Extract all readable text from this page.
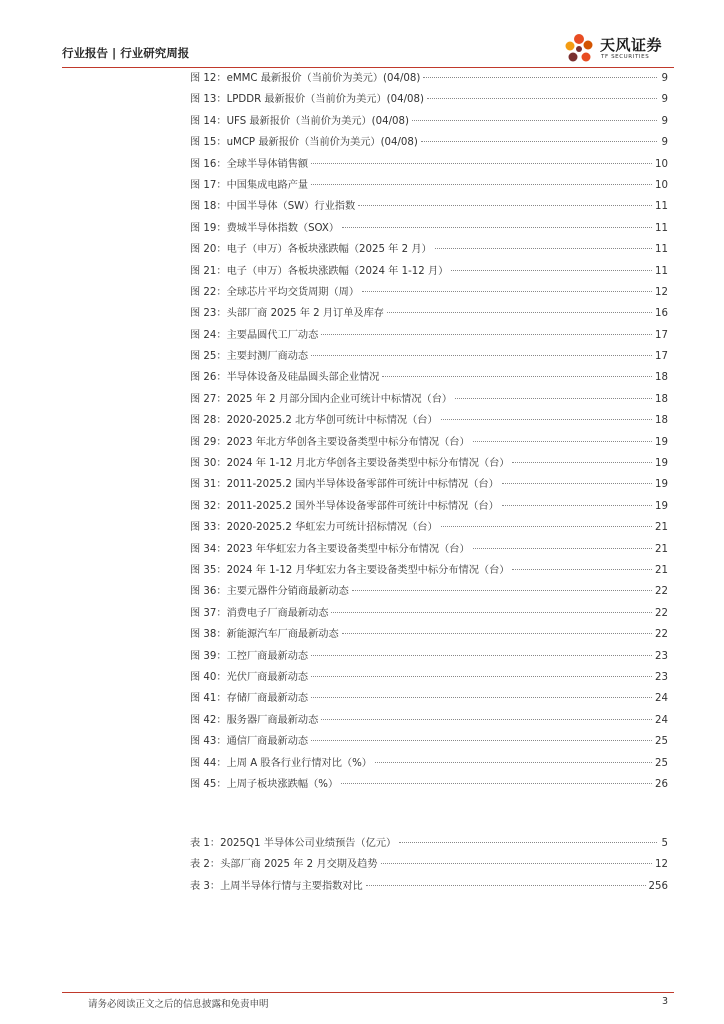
行业报告 | 行业研究周报	天风证券
TF SECURITIES
图 12：eMMC 最新报价（当前价为美元）(04/08)	9
图 13：LPDDR 最新报价（当前价为美元）(04/08)	9
图 14：UFS 最新报价（当前价为美元）(04/08)	9
图 15：uMCP 最新报价（当前价为美元）(04/08)	9
图 16：全球半导体销售额	10
图 17：中国集成电路产量	10
图 18：中国半导体（SW）行业指数	11
图 19：费城半导体指数（SOX）	11
图 20：电子（申万）各板块涨跌幅（2025 年 2 月）	11
图 21：电子（申万）各板块涨跌幅（2024 年 1-12 月）	11
图 22：全球芯片平均交货周期（周）	12
图 23：头部厂商 2025 年 2 月订单及库存	16
图 24：主要晶圆代工厂动态	17
图 25：主要封测厂商动态	17
图 26：半导体设备及硅晶圆头部企业情况	18
图 27：2025 年 2 月部分国内企业可统计中标情况（台）	18
图 28：2020-2025.2 北方华创可统计中标情况（台）	18
图 29：2023 年北方华创各主要设备类型中标分布情况（台）	19
图 30：2024 年 1-12 月北方华创各主要设备类型中标分布情况（台）	19
图 31：2011-2025.2 国内半导体设备零部件可统计中标情况（台）	19
图 32：2011-2025.2 国外半导体设备零部件可统计中标情况（台）	19
图 33：2020-2025.2 华虹宏力可统计招标情况（台）	21
图 34：2023 年华虹宏力各主要设备类型中标分布情况（台）	21
图 35：2024 年 1-12 月华虹宏力各主要设备类型中标分布情况（台）	21
图 36：主要元器件分销商最新动态	22
图 37：消费电子厂商最新动态	22
图 38：新能源汽车厂商最新动态	22
图 39：工控厂商最新动态	23
图 40：光伏厂商最新动态	23
图 41：存储厂商最新动态	24
图 42：服务器厂商最新动态	24
图 43：通信厂商最新动态	25
图 44：上周 A 股各行业行情对比（%）	25
图 45：上周子板块涨跌幅（%）	26
表 1：2025Q1 半导体公司业绩预告（亿元）	5
表 2：头部厂商 2025 年 2 月交期及趋势	12
表 3：上周半导体行情与主要指数对比	256
请务必阅读正文之后的信息披露和免责申明	3
